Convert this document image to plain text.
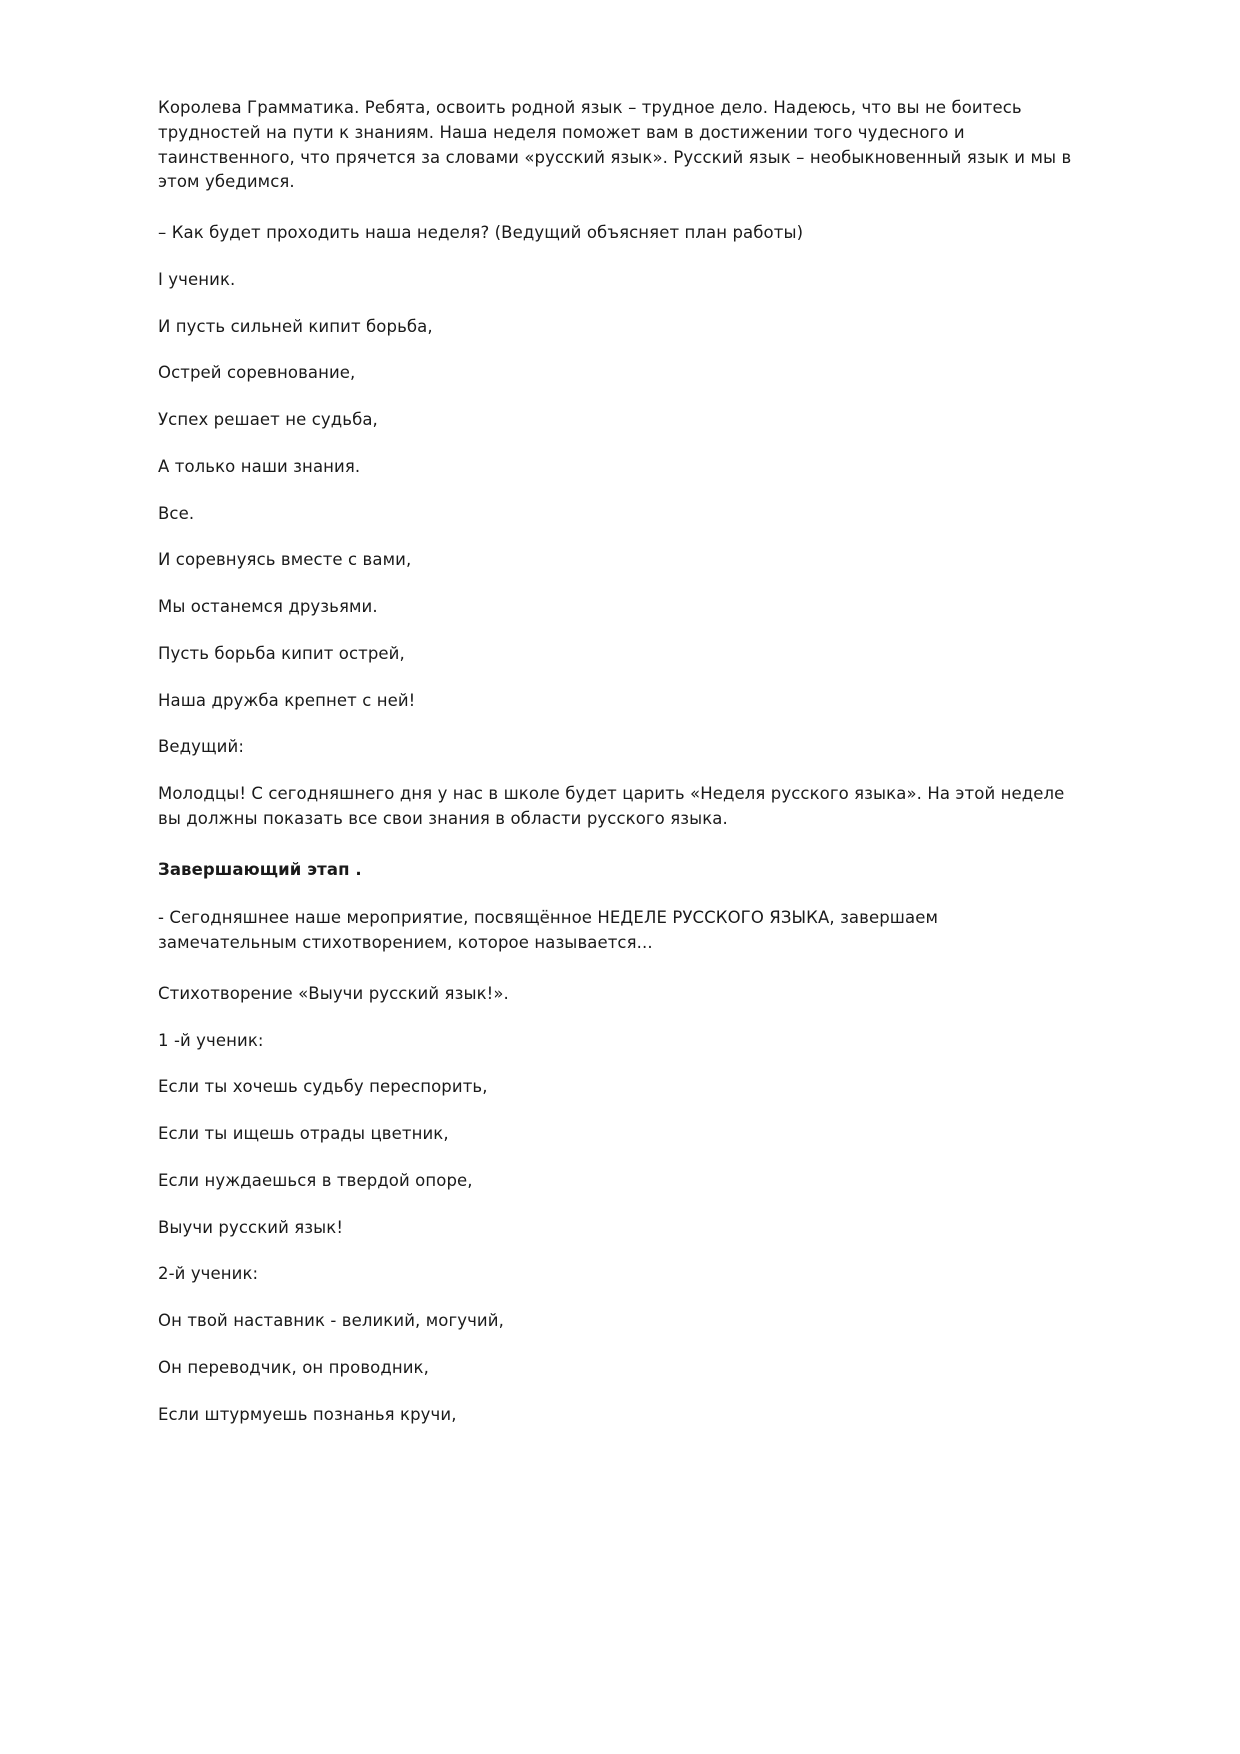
Королева Грамматика. Ребята, освоить родной язык – трудное дело. Надеюсь, что вы не боитесь трудностей на пути к знаниям. Наша неделя поможет вам в достижении того чудесного и таинственного, что прячется за словами «русский язык». Русский язык – необыкновенный язык и мы в этом убедимся.

– Как будет проходить наша неделя? (Ведущий объясняет план работы)

I ученик.

И пусть сильней кипит борьба,

Острей соревнование,

Успех решает не судьба,

А только наши знания.

Все.

И соревнуясь вместе с вами,

Мы останемся друзьями.

Пусть борьба кипит острей,

Наша дружба крепнет с ней!

Ведущий:

Молодцы! С сегодняшнего дня у нас в школе будет царить «Неделя русского языка». На этой неделе вы должны показать все свои знания в области русского языка.

Завершающий этап .

- Сегодняшнее наше мероприятие, посвящённое НЕДЕЛЕ РУССКОГО ЯЗЫКА, завершаем замечательным стихотворением, которое называется...

Стихотворение «Выучи русский язык!».

1 -й ученик:

Если ты хочешь судьбу переспорить,

Если ты ищешь отрады цветник,

Если нуждаешься в твердой опоре,

Выучи русский язык!

2-й ученик:

Он твой наставник - великий, могучий,

Он переводчик, он проводник,

Если штурмуешь познанья кручи,
